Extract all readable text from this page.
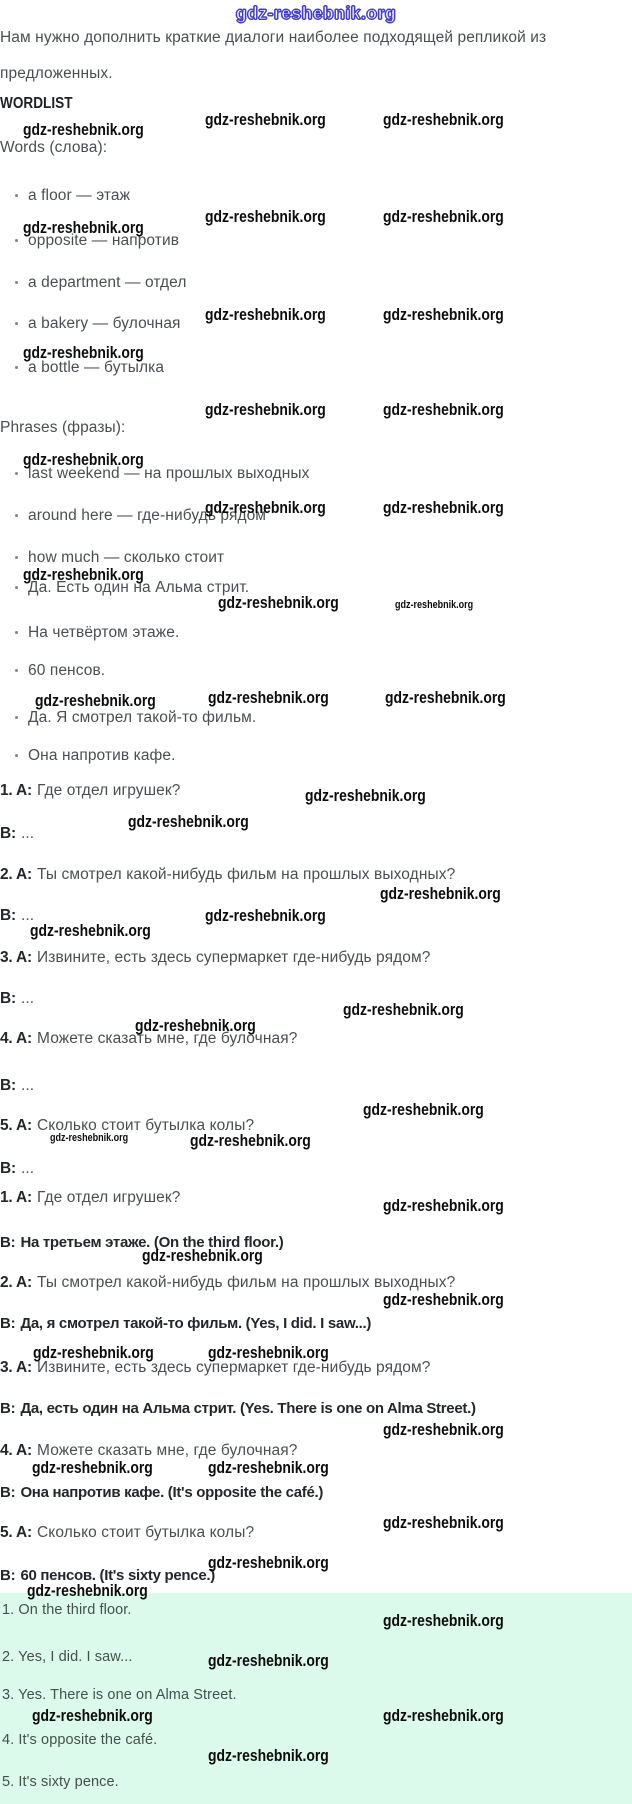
gdz-reshebnik.org
Нам нужно дополнить краткие диалоги наиболее подходящей репликой из
предложенных.
WORDLIST
Words (слова):
a floor — этаж
opposite — напротив
a department — отдел
a bakery — булочная
a bottle — бутылка
Phrases (фразы):
last weekend — на прошлых выходных
around here — где-нибудь рядом
how much — сколько стоит
Да. Есть один на Альма стрит.
На четвёртом этаже.
60 пенсов.
Да. Я смотрел такой-то фильм.
Она напротив кафе.
1. A: Где отдел игрушек?
B: ...
2. A: Ты смотрел какой-нибудь фильм на прошлых выходных?
B: ...
3. A: Извините, есть здесь супермаркет где-нибудь рядом?
B: ...
4. A: Можете сказать мне, где булочная?
B: ...
5. A: Сколько стоит бутылка колы?
B: ...
1. A: Где отдел игрушек?
B: На третьем этаже. (On the third floor.)
2. A: Ты смотрел какой-нибудь фильм на прошлых выходных?
B: Да, я смотрел такой-то фильм. (Yes, I did. I saw...)
3. A: Извините, есть здесь супермаркет где-нибудь рядом?
B: Да, есть один на Альма стрит. (Yes. There is one on Alma Street.)
4. A: Можете сказать мне, где булочная?
B: Она напротив кафе. (It's opposite the café.)
5. A: Сколько стоит бутылка колы?
B: 60 пенсов. (It's sixty pence.)
1. On the third floor.
2. Yes, I did. I saw...
3. Yes. There is one on Alma Street.
4. It's opposite the café.
5. It's sixty pence.
gdz-reshebnik.org	gdz-reshebnik.org
gdz-reshebnik.org
gdz-reshebnik.org	gdz-reshebnik.org
gdz-reshebnik.org
gdz-reshebnik.org	gdz-reshebnik.org
gdz-reshebnik.org
gdz-reshebnik.org	gdz-reshebnik.org
gdz-reshebnik.org
gdz-reshebnik.org	gdz-reshebnik.org
gdz-reshebnik.org
gdz-reshebnik.org	gdz-reshebnik.org
gdz-reshebnik.org	gdz-reshebnik.org
gdz-reshebnik.org
gdz-reshebnik.org
gdz-reshebnik.org
gdz-reshebnik.org
gdz-reshebnik.org
gdz-reshebnik.org
gdz-reshebnik.org
gdz-reshebnik.org
gdz-reshebnik.org
gdz-reshebnik.org	gdz-reshebnik.org
gdz-reshebnik.org
gdz-reshebnik.org
gdz-reshebnik.org
gdz-reshebnik.org	gdz-reshebnik.org
gdz-reshebnik.org
gdz-reshebnik.org	gdz-reshebnik.org
gdz-reshebnik.org
gdz-reshebnik.org
gdz-reshebnik.org
gdz-reshebnik.org
gdz-reshebnik.org
gdz-reshebnik.org	gdz-reshebnik.org
gdz-reshebnik.org
